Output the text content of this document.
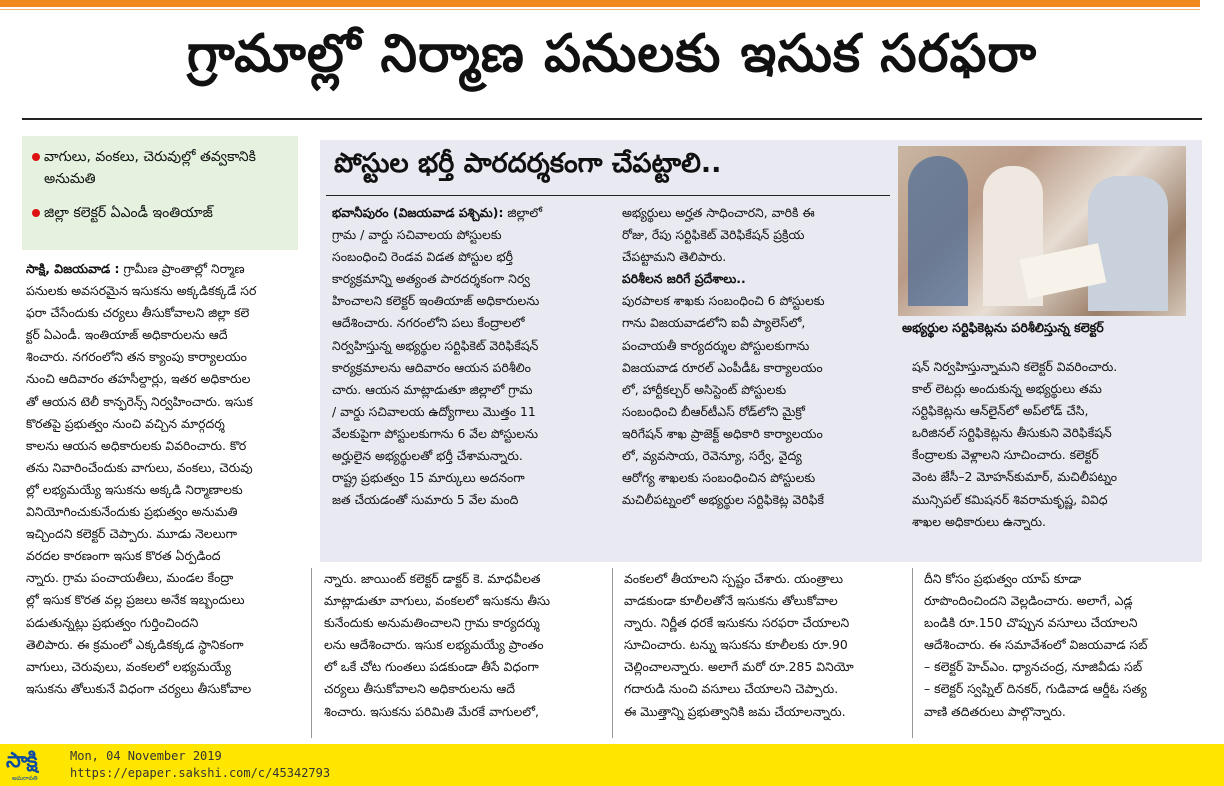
గ్రామాల్లో నిర్మాణ పనులకు ఇసుక సరఫరా
వాగులు, వంకలు, చెరువుల్లో తవ్వకానికి అనుమతి
జిల్లా కలెక్టర్ ఏఎండీ ఇంతియాజ్

సాక్షి, విజయవాడ : గ్రామీణ ప్రాంతాల్లో నిర్మాణ

పనులకు అవసరమైన ఇసుకను అక్కడికక్కడే సర

ఫరా చేసేందుకు చర్యలు తీసుకోవాలని జిల్లా కలె

క్టర్ ఏఎండీ. ఇంతియాజ్ అధికారులను ఆదే

శించారు. నగరంలోని తన క్యాంపు కార్యాలయం

నుంచి ఆదివారం తహసీల్దార్లు, ఇతర అధికారుల

తో ఆయన టెలీ కాన్ఫరెన్స్ నిర్వహించారు. ఇసుక

కొరతపై ప్రభుత్వం నుంచి వచ్చిన మార్గదర్శ

కాలను ఆయన అధికారులకు వివరించారు. కొర

తను నివారించేందుకు వాగులు, వంకలు, చెరువు

ల్లో లభ్యమయ్యే ఇసుకను అక్కడి నిర్మాణాలకు

వినియోగించుకునేందుకు ప్రభుత్వం అనుమతి

ఇచ్చిందని కలెక్టర్ చెప్పారు. మూడు నెలలుగా

వరదల కారణంగా ఇసుక కొరత ఏర్పడింద

న్నారు. గ్రామ పంచాయతీలు, మండల కేంద్రా

ల్లో ఇసుక కొరత వల్ల ప్రజలు అనేక ఇబ్బందులు

పడుతున్నట్లు ప్రభుత్వం గుర్తించిందని

తెలిపారు. ఈ క్రమంలో ఎక్కడికక్కడ స్థానికంగా

వాగులు, చెరువులు, వంకలలో లభ్యమయ్యే

ఇసుకను తోలుకునే విధంగా చర్యలు తీసుకోవాల

పోస్టుల భర్తీ పారదర్శకంగా చేపట్టాలి..

భవానీపురం (విజయవాడ పశ్చిమ): జిల్లాలో

గ్రామ / వార్డు సచివాలయ పోస్టులకు

సంబంధించి రెండవ విడత పోస్టుల భర్తీ

కార్యక్రమాన్ని అత్యంత పారదర్శకంగా నిర్వ

హించాలని కలెక్టర్ ఇంతియాజ్ అధికారులను

ఆదేశించారు. నగరంలోని పలు కేంద్రాలలో

నిర్వహిస్తున్న అభ్యర్థుల సర్టిఫికెట్ వెరిఫికేషన్

కార్యక్రమాలను ఆదివారం ఆయన పరిశీలిం

చారు. ఆయన మాట్లాడుతూ జిల్లాలో గ్రామ

/ వార్డు సచివాలయ ఉద్యోగాలు మొత్తం 11

వేలకుపైగా పోస్టులకుగాను 6 వేల పోస్టులను

అర్హులైన అభ్యర్థులతో భర్తీ చేశామన్నారు.

రాష్ట్ర ప్రభుత్వం 15 మార్కులు అదనంగా

జత చేయడంతో సుమారు 5 వేల మంది

అభ్యర్థులు అర్హత సాధించారని, వారికి ఈ

రోజు, రేపు సర్టిఫికెట్ వెరిఫికేషన్ ప్రక్రియ

చేపట్టామని తెలిపారు.

పరిశీలన జరిగే ప్రదేశాలు..

పురపాలక శాఖకు సంబంధించి 6 పోస్టులకు

గాను విజయవాడలోని ఐవీ ప్యాలెస్‌లో,

పంచాయతీ కార్యదర్శుల పోస్టులకుగాను

విజయవాడ రూరల్ ఎంపీడీఓ కార్యాలయం

లో, హార్టీకల్చర్ అసిస్టెంట్ పోస్టులకు

సంబంధించి బీఆర్‌టీఎస్ రోడ్‌లోని మైక్రో

ఇరిగేషన్ శాఖ ప్రాజెక్ట్ అధికారి కార్యాలయం

లో, వ్యవసాయ, రెవెన్యూ, సర్వే, వైద్య

ఆరోగ్య శాఖలకు సంబంధించిన పోస్టులకు

మచిలీపట్నంలో అభ్యర్థుల సర్టిఫికెట్ల వెరిఫికే

అభ్యర్థుల సర్టిఫికెట్లను పరిశీలిస్తున్న కలెక్టర్

షన్ నిర్వహిస్తున్నామని కలెక్టర్ వివరించారు.

కాల్ లెటర్లు అందుకున్న అభ్యర్థులు తమ

సర్టిఫికెట్లను ఆన్‌లైన్‌లో అప్‌లోడ్ చేసి,

ఒరిజినల్ సర్టిఫికెట్లను తీసుకుని వెరిఫికేషన్

కేంద్రాలకు వెళ్లాలని సూచించారు. కలెక్టర్

వెంట జేసీ–2 మోహన్‌కుమార్, మచిలీపట్నం

మున్సిపల్ కమిషనర్ శివరామకృష్ణ, వివిధ

శాఖల అధికారులు ఉన్నారు.

న్నారు. జాయింట్ కలెక్టర్ డాక్టర్ కె. మాధవీలత

మాట్లాడుతూ వాగులు, వంకలలో ఇసుకను తీసు

కునేందుకు అనుమతించాలని గ్రామ కార్యదర్శు

లను ఆదేశించారు. ఇసుక లభ్యమయ్యే ప్రాంతం

లో ఒకే చోట గుంతలు పడకుండా తీసే విధంగా

చర్యలు తీసుకోవాలని అధికారులను ఆదే

శించారు. ఇసుకను పరిమితి మేరకే వాగులలో,

వంకలలో తీయాలని స్పష్టం చేశారు. యంత్రాలు

వాడకుండా కూలీలతోనే ఇసుకను తోలుకోవాల

న్నారు. నిర్ణీత ధరకే ఇసుకను సరఫరా చేయాలని

సూచించారు. టన్ను ఇసుకను కూలీలకు రూ.90

చెల్లించాలన్నారు. అలాగే మరో రూ.285 వినియో

గదారుడి నుంచి వసూలు చేయాలని చెప్పారు.

ఈ మొత్తాన్ని ప్రభుత్వానికి జమ చేయాలన్నారు.

దీని కోసం ప్రభుత్వం యాప్ కూడా

రూపొందించిందని వెల్లడించారు. అలాగే, ఎడ్ల

బండికి రూ.150 చొప్పున వసూలు చేయాలని

ఆదేశించారు. ఈ సమావేశంలో విజయవాడ సబ్

– కలెక్టర్ హెచ్‌ఎం. ధ్యానచంద్ర, నూజివీడు సబ్

– కలెక్టర్ స్వప్నిల్ దినకర్, గుడివాడ ఆర్డీఓ సత్య

వాణి తదితరులు పాల్గొన్నారు.

సాక్షి
అమరావతి
Mon, 04 November 2019
https://epaper.sakshi.com/c/45342793
